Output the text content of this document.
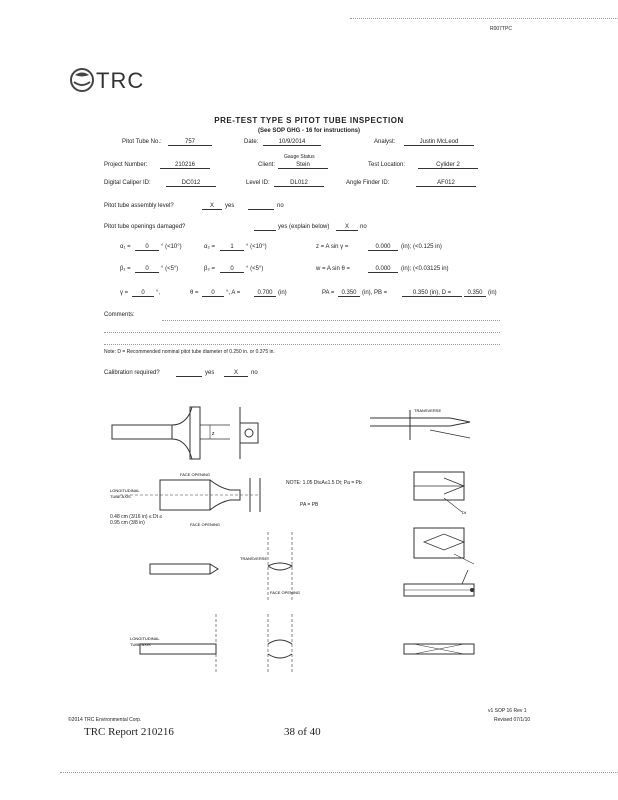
R007TPC
TRC
PRE-TEST TYPE S PITOT TUBE INSPECTION
(See SOP GHG - 16 for instructions)
Pitot Tube No.:	757	Date:	10/9/2014	Analyst:	Justin McLeod
Gauge Status
Project Number:	210216	Client:	Stein	Test Location:	Cylider 2
Digital Caliper ID:	DC012	Level ID:	DL012	Angle Finder ID:	AF012
Pitot tube assembly level?	X	yes	no
Pitot tube openings damaged?	yes (explain below)	X	no
α₁ =	0	° (<10°)	α₂ =	1	° (<10°)	z = A sin γ =	0.000	(in); (<0.125 in)
β₁ =	0	° (<5°)	β₂ =	0	° (<5°)	w = A sin θ =	0.000	(in); (<0.03125 in)
γ =	0	°,	θ =	0	°, A =	0.700 (in)	PA =	0.350 (in), PB =	0.350 (in), D =	0.350 (in)
Comments:
Note: D = Recommended nominal pitot tube diameter of 0.250 in. or 0.375 in.
Calibration required?	yes	X	no
z
TRANSVERSE
LONGITUDINAL
TUBE AXIS
FACE OPENING
FACE OPENING
NOTE: 1.05 Dt≤A≤1.5 Dt; Pa = Pb
PA = PB
0.48 cm (3/16 in) ≤ Dt ≤ 0.95 cm (3/8 in)
Dt
TRANSVERSE
FACE OPENING
LONGITUDINAL
TUBE AXIS
©2014 TRC Environmental Corp.
TRC Report 210216	38 of 40
v1 SOP 16 Rev 1
Revised 07/1/10
